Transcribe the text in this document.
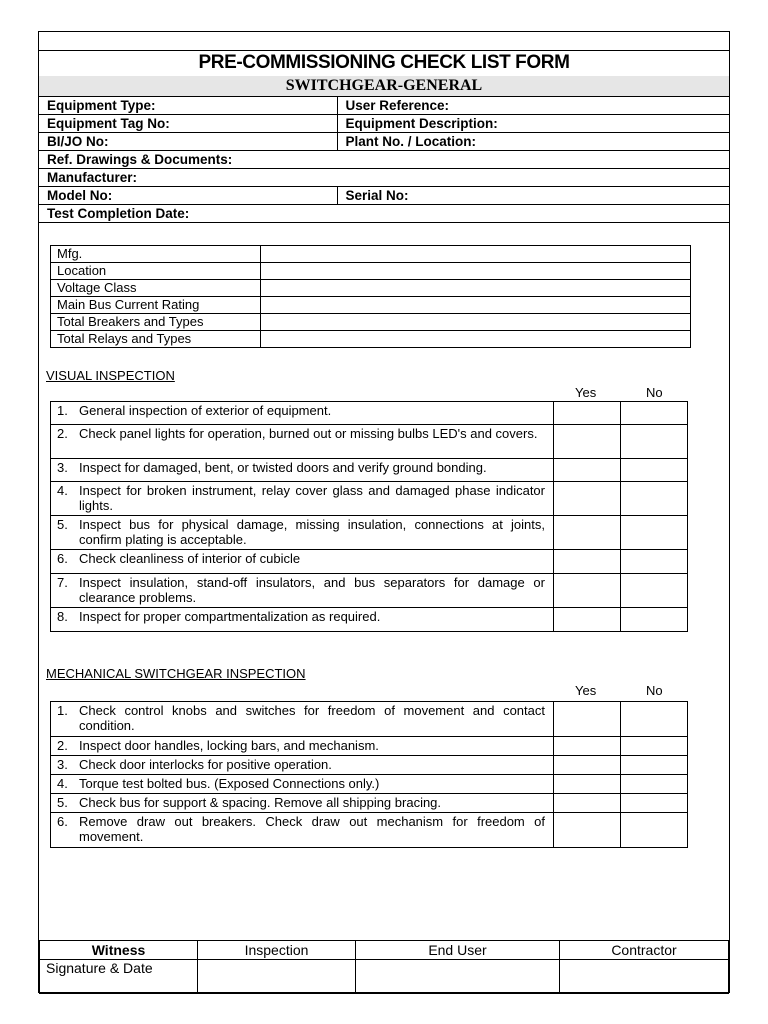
PRE-COMMISSIONING CHECK LIST FORM
SWITCHGEAR-GENERAL
Equipment Type:	User Reference:
Equipment Tag No:	Equipment Description:
BI/JO No:	Plant No. / Location:
Ref. Drawings & Documents:	
Manufacturer:	
Model No:	Serial No:
Test Completion Date:	
Mfg.	
Location	
Voltage Class	
Main Bus Current Rating	
Total Breakers and Types	
Total Relays and Types	
VISUAL INSPECTION
Yes	No
1. General inspection of exterior of equipment.		
2. Check panel lights for operation, burned out or missing bulbs LED's and covers.		
3. Inspect for damaged, bent, or twisted doors and verify ground bonding.		
4. Inspect for broken instrument, relay cover glass and damaged phase indicator lights.		
5. Inspect bus for physical damage, missing insulation, connections at joints, confirm plating is acceptable.		
6. Check cleanliness of interior of cubicle		
7. Inspect insulation, stand-off insulators, and bus separators for damage or clearance problems.		
8. Inspect for proper compartmentalization as required.		
MECHANICAL SWITCHGEAR INSPECTION
Yes	No
1. Check control knobs and switches for freedom of movement and contact condition.		
2. Inspect door handles, locking bars, and mechanism.		
3. Check door interlocks for positive operation.		
4. Torque test bolted bus. (Exposed Connections only.)		
5. Check bus for support & spacing. Remove all shipping bracing.		
6. Remove draw out breakers. Check draw out mechanism for freedom of movement.		
Witness	Inspection	End User	Contractor
Signature & Date			
